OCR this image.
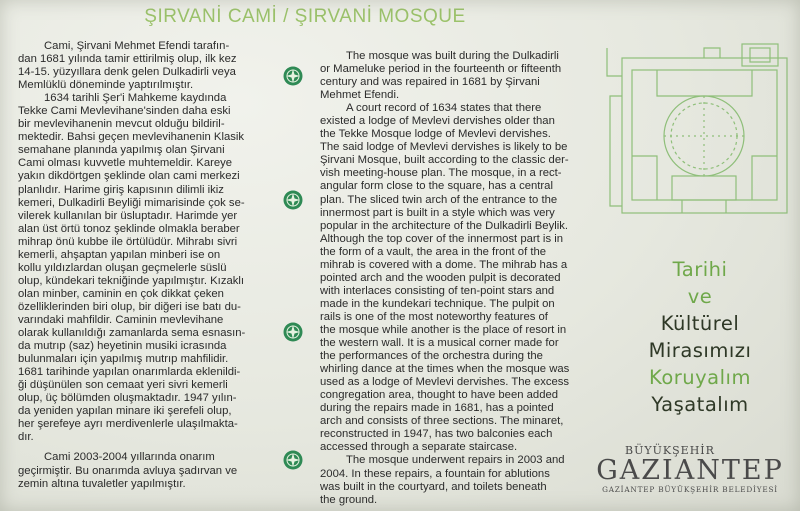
ŞIRVANİ CAMİ / ŞIRVANİ MOSQUE

Cami, Şirvani Mehmet Efendi tarafın-

dan 1681 yılında tamir ettirilmiş olup, ilk kez

14-15. yüzyıllara denk gelen Dulkadirli veya

Memlüklü döneminde yaptırılmıştır.

1634 tarihli Şer'i Mahkeme kaydında

Tekke Cami Mevlevihane'sinden daha eski

bir mevlevihanenin mevcut olduğu bildiril-

mektedir. Bahsi geçen mevlevihanenin Klasik

semahane planında yapılmış olan Şirvani

Cami olması kuvvetle muhtemeldir. Kareye

yakın dikdörtgen şeklinde olan cami merkezi

planlıdır. Harime giriş kapısının dilimli ikiz

kemeri, Dulkadirli Beyliği mimarisinde çok se-

vilerek kullanılan bir üsluptadır. Harimde yer

alan üst örtü tonoz şeklinde olmakla beraber

mihrap önü kubbe ile örtülüdür. Mihrabı sivri

kemerli, ahşaptan yapılan minberi ise on

kollu yıldızlardan oluşan geçmelerle süslü

olup, kündekari tekniğinde yapılmıştır. Kızaklı

olan minber, caminin en çok dikkat çeken

özelliklerinden biri olup, bir diğeri ise batı du-

varındaki mahfildir. Caminin mevlevihane

olarak kullanıldığı zamanlarda sema esnasın-

da mutrıp (saz) heyetinin musiki icrasında

bulunmaları için yapılmış mutrıp mahfilidir.

1681 tarihinde yapılan onarımlarda eklenildi-

ği düşünülen son cemaat yeri sivri kemerli

olup, üç bölümden oluşmaktadır. 1947 yılın-

da yeniden yapılan minare iki şerefeli olup,

her şerefeye ayrı merdivenlerle ulaşılmakta-

dır.

Cami 2003-2004 yıllarında onarım

geçirmiştir. Bu onarımda avluya şadırvan ve

zemin altına tuvaletler yapılmıştır.

The mosque was built during the Dulkadirli

or Mameluke period in the fourteenth or fifteenth

century and was repaired in 1681 by Şirvani

Mehmet Efendi.

A court record of 1634 states that there

existed a lodge of Mevlevi dervishes older than

the Tekke Mosque lodge of Mevlevi dervishes.

The said lodge of Mevlevi dervishes is likely to be

Şirvani Mosque, built according to the classic der-

vish meeting-house plan. The mosque, in a rect-

angular form close to the square, has a central

plan. The sliced twin arch of the entrance to the

innermost part is built in a style which was very

popular in the architecture of the Dulkadirli Beylik.

Although the top cover of the innermost part is in

the form of a vault, the area in the front of the

mihrab is covered with a dome. The mihrab has a

pointed arch and the wooden pulpit is decorated

with interlaces consisting of ten-point stars and

made in the kundekari technique. The pulpit on

rails is one of the most noteworthy features of

the mosque while another is the place of resort in

the western wall. It is a musical corner made for

the performances of the orchestra during the

whirling dance at the times when the mosque was

used as a lodge of Mevlevi dervishes. The excess

congregation area, thought to have been added

during the repairs made in 1681, has a pointed

arch and consists of three sections. The minaret,

reconstructed in 1947, has two balconies each

accessed through a separate staircase.

The mosque underwent repairs in 2003 and

2004. In these repairs, a fountain for ablutions

was built in the courtyard, and toilets beneath

the ground.

Tarihi
ve
Kültürel
Mirasımızı
Koruyalım
Yaşatalım
BÜYÜKŞEHİR
GAZIANTEP
GAZİANTEP BÜYÜKŞEHİR BELEDİYESİ
